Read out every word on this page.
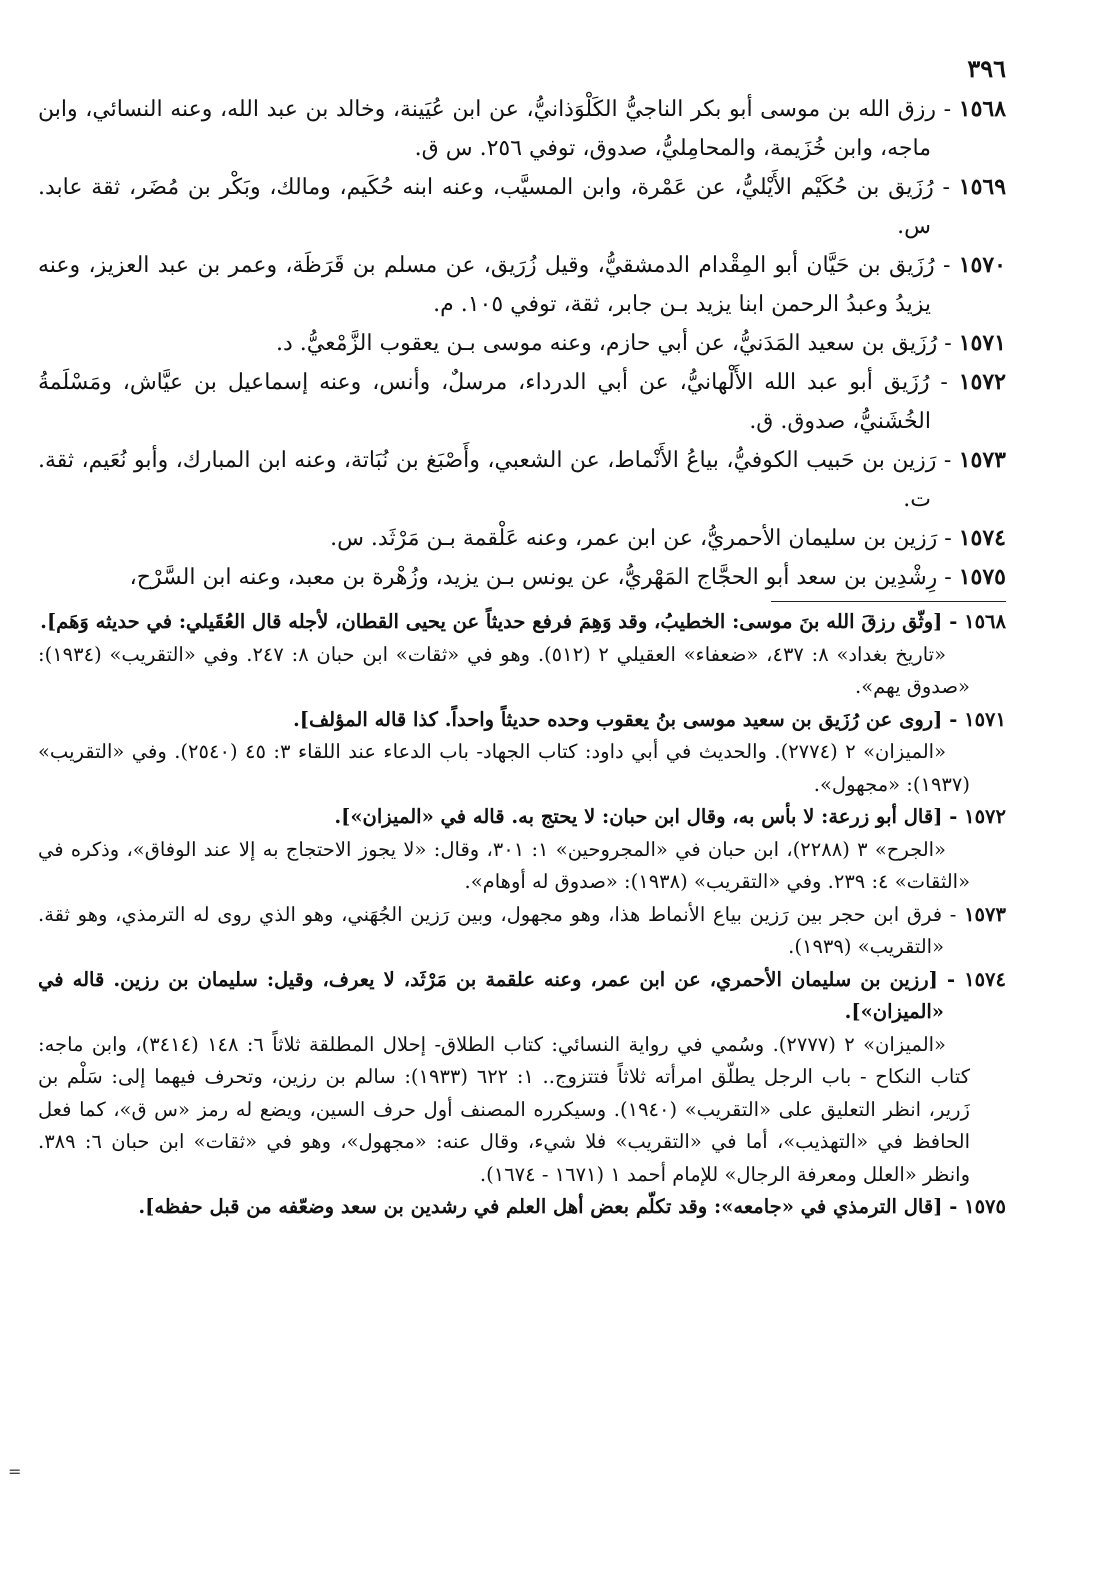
٣٩٦

١٥٦٨ - رزق الله بن موسى أبو بكر الناجيُّ الكَلْوَذانيُّ، عن ابن عُيَينة، وخالد بن عبد الله، وعنه النسائي، وابن ماجه، وابن خُزَيمة، والمحامِليُّ، صدوق، توفي ٢٥٦. س ق.

١٥٦٩ - رُزَيق بن حُكَيْم الأَيْليُّ، عن عَمْرة، وابن المسيَّب، وعنه ابنه حُكَيم، ومالك، وبَكْر بن مُضَر، ثقة عابد. س.

١٥٧٠ - رُزَيق بن حَيَّان أبو المِقْدام الدمشقيُّ، وقيل زُرَيق، عن مسلم بن قَرَظَة، وعمر بن عبد العزيز، وعنه يزيدُ وعبدُ الرحمن ابنا يزيد بـن جابر، ثقة، توفي ١٠٥. م.

١٥٧١ - رُزَيق بن سعيد المَدَنيُّ، عن أبي حازم، وعنه موسى بـن يعقوب الزَّمْعيُّ. د.

١٥٧٢ - رُزَيق أبو عبد الله الأَلْهانيُّ، عن أبي الدرداء، مرسلٌ، وأنس، وعنه إسماعيل بن عيَّاش، ومَسْلَمةُ الخُشَنيُّ، صدوق. ق.

١٥٧٣ - رَزين بن حَبيب الكوفيُّ، بياعُ الأَنْماط، عن الشعبي، وأَصْبَغ بن نُبَاتة، وعنه ابن المبارك، وأبو نُعَيم، ثقة. ت.

١٥٧٤ - رَزين بن سليمان الأحمريُّ، عن ابن عمر، وعنه عَلْقمة بـن مَرْثَد. س.

١٥٧٥ - رِشْدِين بن سعد أبو الحجَّاج المَهْريُّ، عن يونس بـن يزيد، وزُهْرة بن معبد، وعنه ابن السَّرْح،

١٥٦٨ - [وثّق رزقَ الله بنَ موسى: الخطيبُ، وقد وَهِمَ فرفع حديثاً عن يحيى القطان، لأجله قال العُقَيلي: في حديثه وَهَم].

«تاريخ بغداد» ٨: ٤٣٧، «ضعفاء» العقيلي ٢ (٥١٢). وهو في «ثقات» ابن حبان ٨: ٢٤٧. وفي «التقريب» (١٩٣٤): «صدوق يهم».

١٥٧١ - [روى عن رُزَيق بن سعيد موسى بنُ يعقوب وحده حديثاً واحداً. كذا قاله المؤلف].

«الميزان» ٢ (٢٧٧٤). والحديث في أبي داود: كتاب الجهاد- باب الدعاء عند اللقاء ٣: ٤٥ (٢٥٤٠). وفي «التقريب» (١٩٣٧): «مجهول».

١٥٧٢ - [قال أبو زرعة: لا بأس به، وقال ابن حبان: لا يحتج به. قاله في «الميزان»].

«الجرح» ٣ (٢٢٨٨)، ابن حبان في «المجروحين» ١: ٣٠١، وقال: «لا يجوز الاحتجاج به إلا عند الوفاق»، وذكره في «الثقات» ٤: ٢٣٩. وفي «التقريب» (١٩٣٨): «صدوق له أوهام».

١٥٧٣ - فرق ابن حجر بين رَزين بياع الأنماط هذا، وهو مجهول، وبين رَزين الجُهَني، وهو الذي روى له الترمذي، وهو ثقة. «التقريب» (١٩٣٩).

١٥٧٤ - [رزين بن سليمان الأحمري، عن ابن عمر، وعنه علقمة بن مَرْثَد، لا يعرف، وقيل: سليمان بن رزين. قاله في «الميزان»].

«الميزان» ٢ (٢٧٧٧). وسُمي في رواية النسائي: كتاب الطلاق- إحلال المطلقة ثلاثاً ٦: ١٤٨ (٣٤١٤)، وابن ماجه: كتاب النكاح - باب الرجل يطلّق امرأته ثلاثاً فتتزوج.. ١: ٦٢٢ (١٩٣٣): سالم بن رزين، وتحرف فيهما إلى: سَلْم بن زَرير، انظر التعليق على «التقريب» (١٩٤٠). وسيكرره المصنف أول حرف السين، ويضع له رمز «س ق»، كما فعل الحافظ في «التهذيب»، أما في «التقريب» فلا شيء، وقال عنه: «مجهول»، وهو في «ثقات» ابن حبان ٦: ٣٨٩. وانظر «العلل ومعرفة الرجال» للإمام أحمد ١ (١٦٧١ - ١٦٧٤).

١٥٧٥ - [قال الترمذي في «جامعه»: وقد تكلّم بعض أهل العلم في رشدين بن سعد وضعّفه من قبل حفظه].

=
